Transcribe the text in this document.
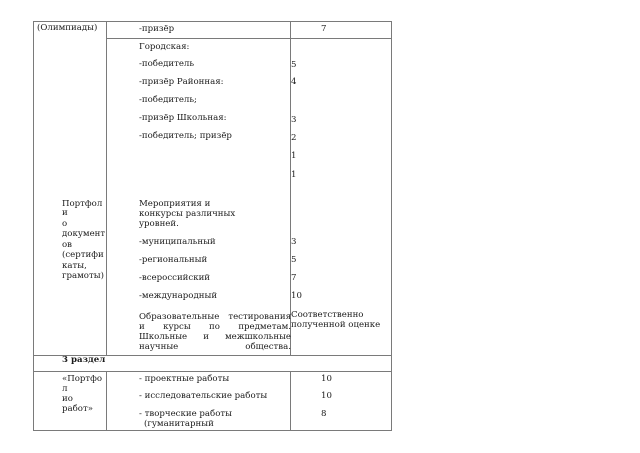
(Олимпиады)	-призёр	7
Городская:
-победитель
-призёр Районная:
-победитель;
-призёр Школьная:
-победитель; призёр
5
4
3
2
1
1
Портфол
и
о
документ
ов
(сертифи
каты,
грамоты)
Мероприятия и
конкурсы различных
уровней.
-муниципальный
-региональный
-всероссийский
-международный
3
5
7
10
Образовательные тестирования и курсы по предметам. Школьные и межшкольные научные общества.
Соответственно
полученной оценке
3 раздел
«Портфо
л
ио
работ»
- проектные работы
- исследовательские работы
- творческие работы
(гуманитарный
10
10
8
